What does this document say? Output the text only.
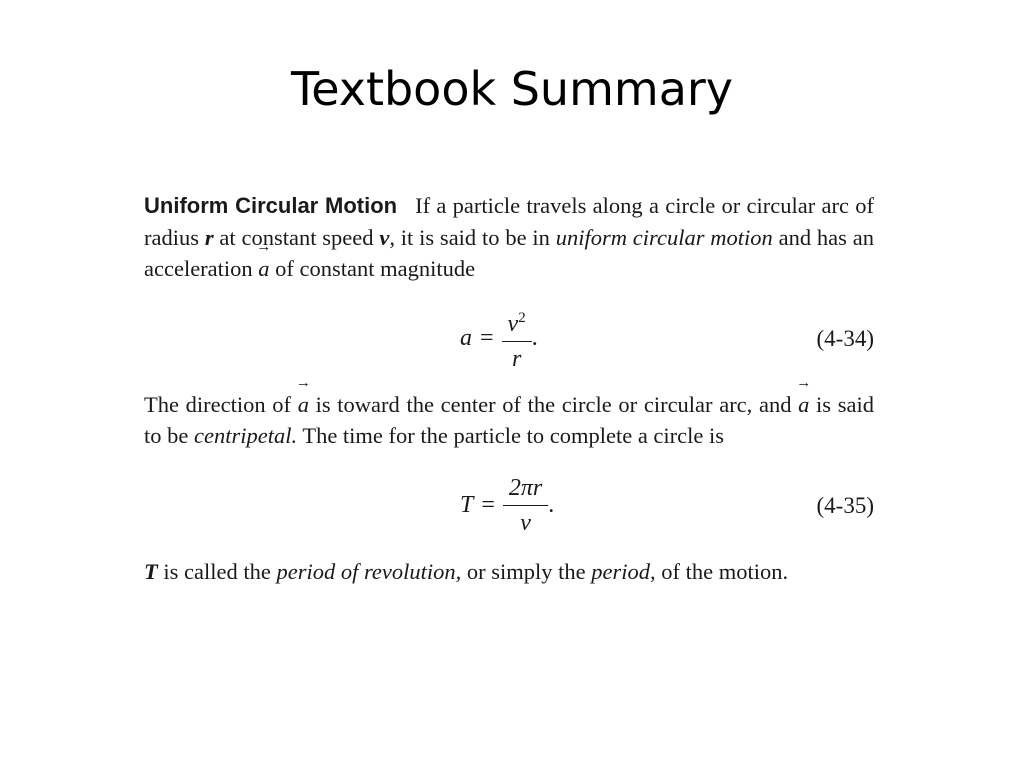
Textbook Summary

Uniform Circular Motion If a particle travels along a circle or circular arc of radius r at constant speed v, it is said to be in uniform circular motion and has an acceleration → a of constant magnitude

$a = \frac{v^2}{r}$ .	(4-34)

The direction of → a is toward the center of the circle or circular arc, and → a is said to be centripetal. The time for the particle to complete a circle is

$T = \frac{2\pi r}{v}$ .	(4-35)

T is called the period of revolution, or simply the period, of the motion.
